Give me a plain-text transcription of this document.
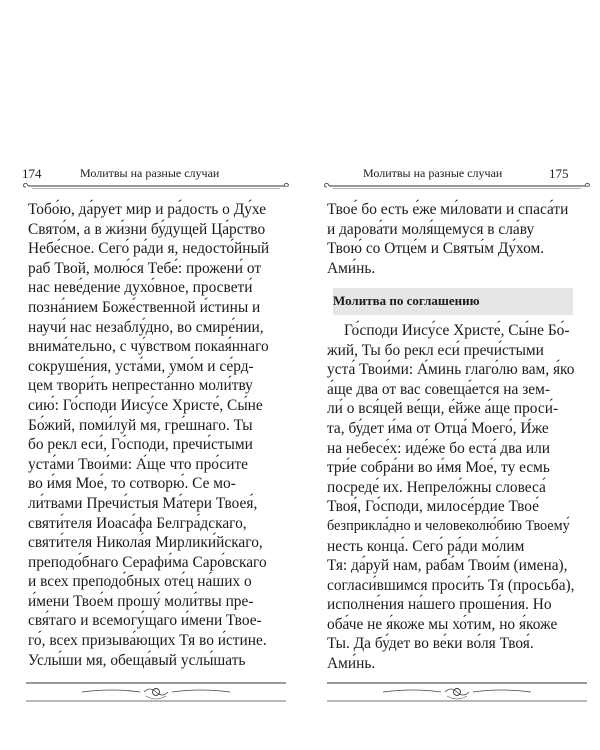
174	Молитвы на разные случаи

Тобо́ю, да́рует мир и ра́дость о Ду́хе

Свято́м, а в жи́зни бу́дущей Ца́рство

Небе́сное. Сего́ ра́ди я, недосто́йный

раб Твой, молю́ся Тебе́: прожени́ от

нас неве́дение духо́вное, просвети́

позна́нием Боже́ственной и́стины и

научи́ нас незаблу́дно, во смире́нии,

внима́тельно, с чу́вством покая́ннаго

сокруше́ния, уста́ми, умо́м и се́рд-

цем твори́ть непреста́нно моли́тву

сию́: Го́споди Иису́се Христе́, Сы́не

Бо́жий, поми́луй мя, гре́шнаго. Ты

бо рекл еси́, Го́споди, пречи́стыми

уста́ми Твои́ми: А́ще что про́сите

во и́мя Мое́, то сотворю́. Се мо-

ли́твами Пречи́стыя Ма́тери Твоея́,

святи́теля Иоаса́фа Белгра́дскаго,

святи́теля Никола́я Мирлики́йскаго,

преподо́бнаго Серафи́ма Саро́вскаго

и всех преподо́бных оте́ц на́ших о

и́мени Твое́м прошу́ моли́твы пре-

свя́таго и всемогу́щаго и́мени Твое-

го́, всех призыва́ющих Тя во и́стине.

Услы́ши мя, обеща́вый услы́шать

Молитвы на разные случаи	175

Твое́ бо есть е́же ми́ловати и спаса́ти

и дарова́ти моля́щемуся в сла́ву

Твою́ со Отце́м и Святы́м Ду́хом.

Ами́нь.

Молитва по соглашению

Го́споди Иису́се Христе́, Сы́не Бо́-

жий, Ты бо рекл еси́ пречи́стыми

уста́ Твои́ми: А́минь глаго́лю вам, я́ко

а́ще два от вас совеща́ется на зем-

ли́ о вся́цей ве́щи, е́йже а́ще проси́-

та, бу́дет и́ма от Отца́ Моего́, И́же

на небесе́х: иде́же бо еста́ два или

три́е собра́ни во и́мя Мое́, ту есмь

посреде́ их. Непрело́жны словеса́

Твоя́, Го́споди, милосе́рдие Твое́

безприкла́дно и человеколю́бию Твоему́

несть конца́. Сего́ ра́ди мо́лим

Тя: да́руй нам, раба́м Твои́м (имена),

согласи́вшимся проси́ть Тя (просьба),

исполне́ния на́шего проше́ния. Но

оба́че не я́коже мы хо́тим, но я́коже

Ты. Да бу́дет во ве́ки во́ля Твоя́.

Ами́нь.
